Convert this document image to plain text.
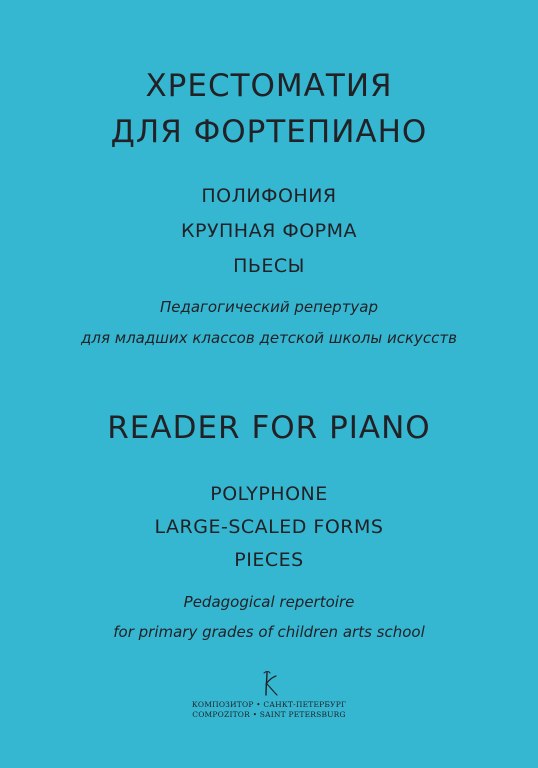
ХРЕСТОМАТИЯ
ДЛЯ ФОРТЕПИАНО
ПОЛИФОНИЯ
КРУПНАЯ ФОРМА
ПЬЕСЫ
Педагогический репертуар
для младших классов детской школы искусств
READER FOR PIANO
POLYPHONE
LARGE-SCALED FORMS
PIECES
Pedagogical repertoire
for primary grades of children arts school
КОМПОЗИТОР • САНКТ-ПЕТЕРБУРГ
COMPOZITOR • SAINT PETERSBURG
